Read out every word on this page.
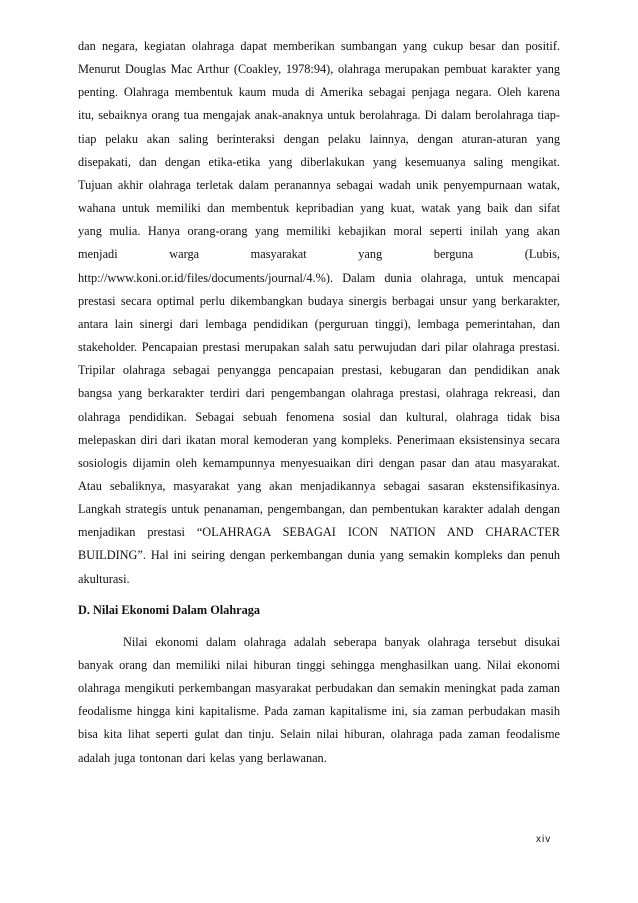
dan negara, kegiatan olahraga dapat memberikan sumbangan yang cukup besar dan positif. Menurut Douglas Mac Arthur (Coakley, 1978:94), olahraga merupakan pembuat karakter yang penting. Olahraga membentuk kaum muda di Amerika sebagai penjaga negara. Oleh karena itu, sebaiknya orang tua mengajak anak-anaknya untuk berolahraga. Di dalam berolahraga tiap-tiap pelaku akan saling berinteraksi dengan pelaku lainnya, dengan aturan-aturan yang disepakati, dan dengan etika-etika yang diberlakukan yang kesemuanya saling mengikat. Tujuan akhir olahraga terletak dalam peranannya sebagai wadah unik penyempurnaan watak, wahana untuk memiliki dan membentuk kepribadian yang kuat, watak yang baik dan sifat yang mulia. Hanya orang-orang yang memiliki kebajikan moral seperti inilah yang akan menjadi warga masyarakat yang berguna (Lubis, http://www.koni.or.id/files/documents/journal/4.%). Dalam dunia olahraga, untuk mencapai prestasi secara optimal perlu dikembangkan budaya sinergis berbagai unsur yang berkarakter, antara lain sinergi dari lembaga pendidikan (perguruan tinggi), lembaga pemerintahan, dan stakeholder. Pencapaian prestasi merupakan salah satu perwujudan dari pilar olahraga prestasi. Tripilar olahraga sebagai penyangga pencapaian prestasi, kebugaran dan pendidikan anak bangsa yang berkarakter terdiri dari pengembangan olahraga prestasi, olahraga rekreasi, dan olahraga pendidikan. Sebagai sebuah fenomena sosial dan kultural, olahraga tidak bisa melepaskan diri dari ikatan moral kemoderan yang kompleks. Penerimaan eksistensinya secara sosiologis dijamin oleh kemampunnya menyesuaikan diri dengan pasar dan atau masyarakat. Atau sebaliknya, masyarakat yang akan menjadikannya sebagai sasaran ekstensifikasinya. Langkah strategis untuk penanaman, pengembangan, dan pembentukan karakter adalah dengan menjadikan prestasi “OLAHRAGA SEBAGAI ICON NATION AND CHARACTER BUILDING”. Hal ini seiring dengan perkembangan dunia yang semakin kompleks dan penuh akulturasi.

D. Nilai Ekonomi Dalam Olahraga

Nilai ekonomi dalam olahraga adalah seberapa banyak olahraga tersebut disukai banyak orang dan memiliki nilai hiburan tinggi sehingga menghasilkan uang. Nilai ekonomi olahraga mengikuti perkembangan masyarakat perbudakan dan semakin meningkat pada zaman feodalisme hingga kini kapitalisme. Pada zaman kapitalisme ini, sia zaman perbudakan masih bisa kita lihat seperti gulat dan tinju. Selain nilai hiburan, olahraga pada zaman feodalisme adalah juga tontonan dari kelas yang berlawanan.

xiv
